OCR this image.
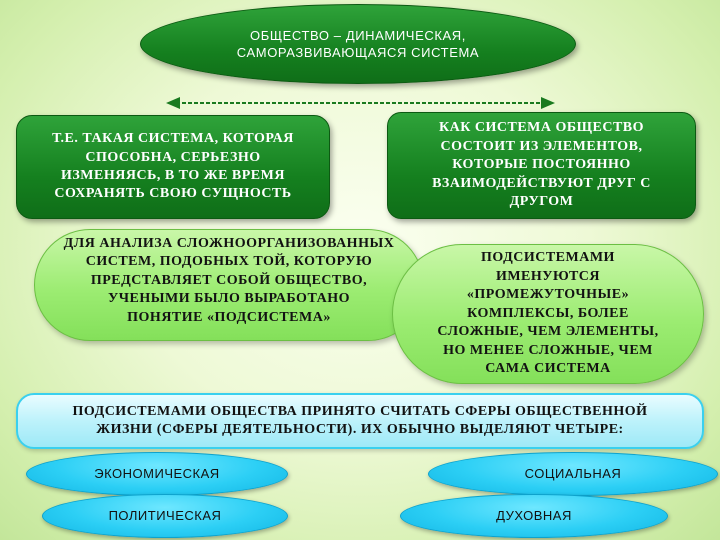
ОБЩЕСТВО – ДИНАМИЧЕСКАЯ,
САМОРАЗВИВАЮЩАЯСЯ СИСТЕМА
Т.Е. ТАКАЯ СИСТЕМА, КОТОРАЯ
СПОСОБНА, СЕРЬЕЗНО
ИЗМЕНЯЯСЬ, В ТО ЖЕ ВРЕМЯ
СОХРАНЯТЬ СВОЮ СУЩНОСТЬ
КАК СИСТЕМА ОБЩЕСТВО
СОСТОИТ ИЗ ЭЛЕМЕНТОВ,
КОТОРЫЕ ПОСТОЯННО
ВЗАИМОДЕЙСТВУЮТ ДРУГ С
ДРУГОМ
ДЛЯ АНАЛИЗА СЛОЖНООРГАНИЗОВАННЫХ
СИСТЕМ, ПОДОБНЫХ ТОЙ, КОТОРУЮ
ПРЕДСТАВЛЯЕТ СОБОЙ ОБЩЕСТВО,
УЧЕНЫМИ БЫЛО ВЫРАБОТАНО
ПОНЯТИЕ «ПОДСИСТЕМА»
ПОДСИСТЕМАМИ
ИМЕНУЮТСЯ
«ПРОМЕЖУТОЧНЫЕ»
КОМПЛЕКСЫ, БОЛЕЕ
СЛОЖНЫЕ, ЧЕМ ЭЛЕМЕНТЫ,
НО МЕНЕЕ СЛОЖНЫЕ, ЧЕМ
САМА СИСТЕМА
ПОДСИСТЕМАМИ ОБЩЕСТВА ПРИНЯТО СЧИТАТЬ СФЕРЫ ОБЩЕСТВЕННОЙ
ЖИЗНИ (СФЕРЫ ДЕЯТЕЛЬНОСТИ). ИХ ОБЫЧНО ВЫДЕЛЯЮТ ЧЕТЫРЕ:
ЭКОНОМИЧЕСКАЯ	СОЦИАЛЬНАЯ
ПОЛИТИЧЕСКАЯ	ДУХОВНАЯ
